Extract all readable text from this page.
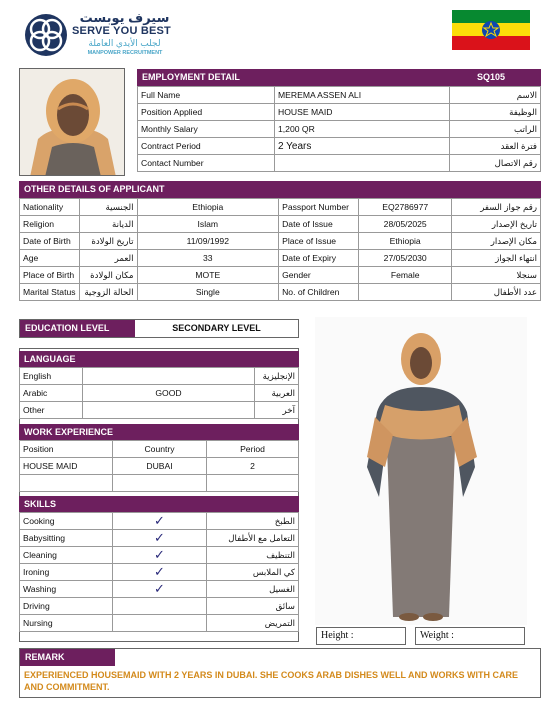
سيرف يوبست
SERVE YOU BEST
لجلب الأيدي العاملة
MANPOWER RECRUITMENT
EMPLOYMENT DETAIL	SQ105
Full Name	MEREMA ASSEN ALI	الاسم
Position Applied	HOUSE MAID	الوظيفة
Monthly Salary	1,200 QR	الراتب
Contract Period	2 Years	فترة العقد
Contact Number		رقم الاتصال
OTHER DETAILS OF APPLICANT
Nationality	الجنسية	Ethiopia	Passport Number	EQ2786977	رقم جواز السفر
Religion	الديانة	Islam	Date of Issue	28/05/2025	تاريخ الإصدار
Date of Birth	تاريخ الولادة	11/09/1992	Place of Issue	Ethiopia	مكان الإصدار
Age	العمر	33	Date of Expiry	27/05/2030	انتهاء الجواز
Place of Birth	مكان الولادة	MOTE	Gender	Female	سنجلا
Marital Status	الحالة الزوجية	Single	No. of Children		عدد الأطفال
EDUCATION LEVEL	SECONDARY LEVEL
LANGUAGE
English		الإنجليزية
Arabic	GOOD	العربية
Other		آخر
WORK EXPERIENCE
Position	Country	Period
HOUSE MAID	DUBAI	2

SKILLS
Cooking	✓	الطبخ
Babysitting	✓	التعامل مع الأطفال
Cleaning	✓	التنظيف
Ironing	✓	كي الملابس
Washing	✓	الغسيل
Driving		سائق
Nursing		التمريض
Height :	Weight :
REMARK
EXPERIENCED HOUSEMAID WITH 2 YEARS IN DUBAI. SHE COOKS ARAB DISHES WELL AND WORKS WITH CARE AND COMMITMENT.
